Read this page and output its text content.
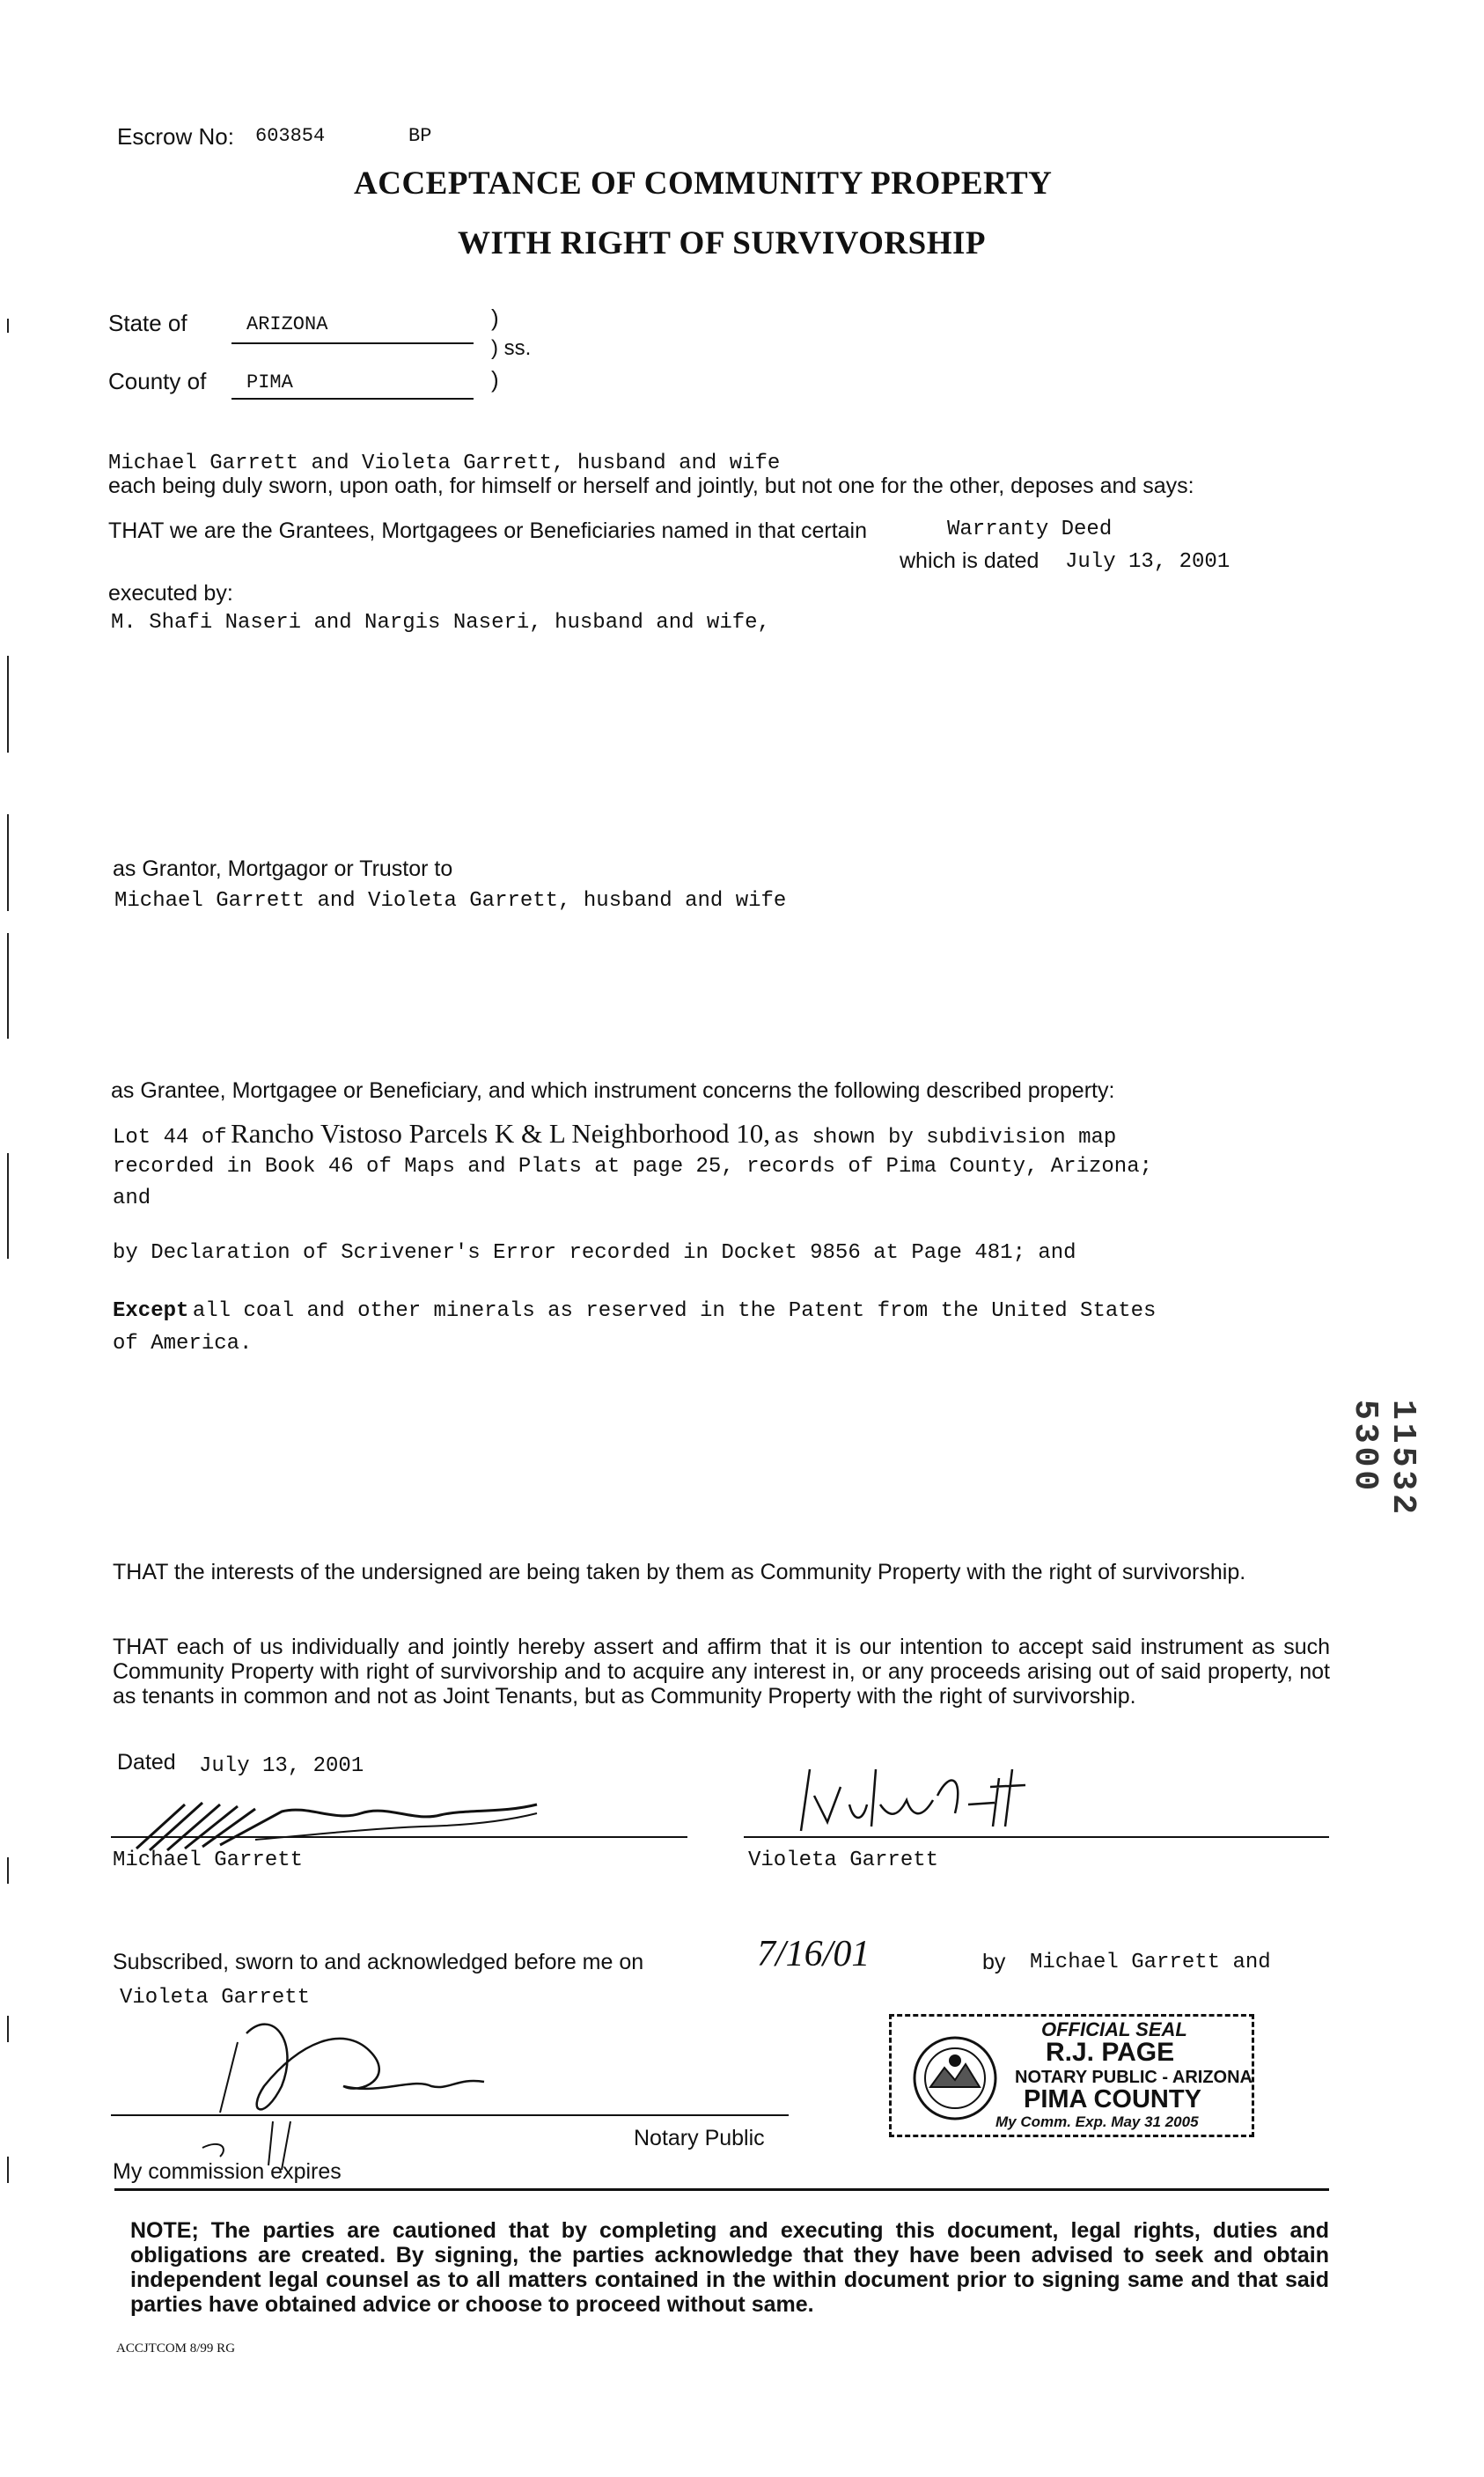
Escrow No: 603854	BP
ACCEPTANCE OF COMMUNITY PROPERTY
WITH RIGHT OF SURVIVORSHIP
State of	ARIZONA	)
) ss.
County of PIMA	)
Michael Garrett and Violeta Garrett, husband and wife
each being duly sworn, upon oath, for himself or herself and jointly, but not one for the other, deposes and says:
THAT we are the Grantees, Mortgagees or Beneficiaries named in that certain	Warranty Deed
which is dated July 13, 2001
executed by:
M. Shafi Naseri and Nargis Naseri, husband and wife,
as Grantor, Mortgagor or Trustor to
Michael Garrett and Violeta Garrett, husband and wife
as Grantee, Mortgagee or Beneficiary, and which instrument concerns the following described property:
Lot 44 of Rancho Vistoso Parcels K & L Neighborhood 10, as shown by subdivision map
recorded in Book 46 of Maps and Plats at page 25, records of Pima County, Arizona;
and
by Declaration of Scrivener's Error recorded in Docket 9856 at Page 481; and
Except all coal and other minerals as reserved in the Patent from the United States
of America.
11532 5300
THAT the interests of the undersigned are being taken by them as Community Property with the right of survivorship.
THAT each of us individually and jointly hereby assert and affirm that it is our intention to accept said instrument as such Community Property with right of survivorship and to acquire any interest in, or any proceeds arising out of said property, not as tenants in common and not as Joint Tenants, but as Community Property with the right of survivorship.
Dated July 13, 2001
Michael Garrett	Violeta Garrett
Subscribed, sworn to and acknowledged before me on	7/16/01	by Michael Garrett and
Violeta Garrett
Notary Public
My commission expires
OFFICIAL SEAL
R.J. PAGE
NOTARY PUBLIC - ARIZONA
PIMA COUNTY
My Comm. Exp. May 31 2005
NOTE; The parties are cautioned that by completing and executing this document, legal rights, duties and obligations are created. By signing, the parties acknowledge that they have been advised to seek and obtain independent legal counsel as to all matters contained in the within document prior to signing same and that said parties have obtained advice or choose to proceed without same.
ACCJTCOM 8/99 RG
